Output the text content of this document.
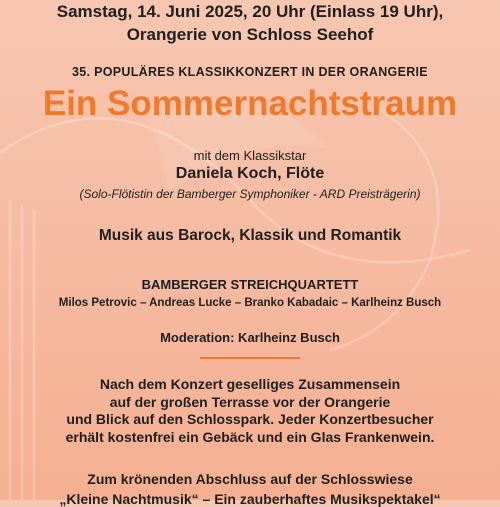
Samstag, 14. Juni 2025, 20 Uhr (Einlass 19 Uhr),
Orangerie von Schloss Seehof
35. POPULÄRES KLASSIKKONZERT IN DER ORANGERIE
Ein Sommernachtstraum
mit dem Klassikstar
Daniela Koch, Flöte
(Solo-Flötistin der Bamberger Symphoniker - ARD Preisträgerin)
Musik aus Barock, Klassik und Romantik
BAMBERGER STREICHQUARTETT
Milos Petrovic – Andreas Lucke – Branko Kabadaic – Karlheinz Busch
Moderation: Karlheinz Busch
Nach dem Konzert geselliges Zusammensein
auf der großen Terrasse vor der Orangerie
und Blick auf den Schlosspark. Jeder Konzertbesucher
erhält kostenfrei ein Gebäck und ein Glas Frankenwein.
Zum krönenden Abschluss auf der Schlosswiese
„Kleine Nachtmusik“ – Ein zauberhaftes Musikspektakel“
